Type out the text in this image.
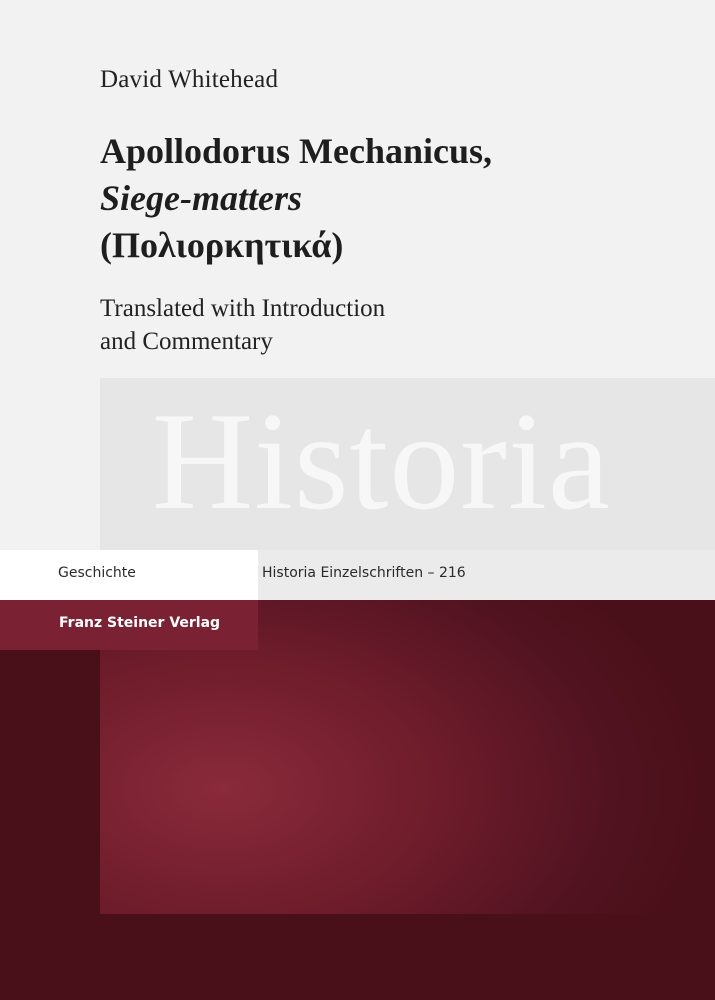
David Whitehead
Apollodorus Mechanicus,
Siege-matters
(Πολιορκητικά)
Translated with Introduction
and Commentary
Historia
Geschichte	Historia Einzelschriften – 216
Franz Steiner Verlag
